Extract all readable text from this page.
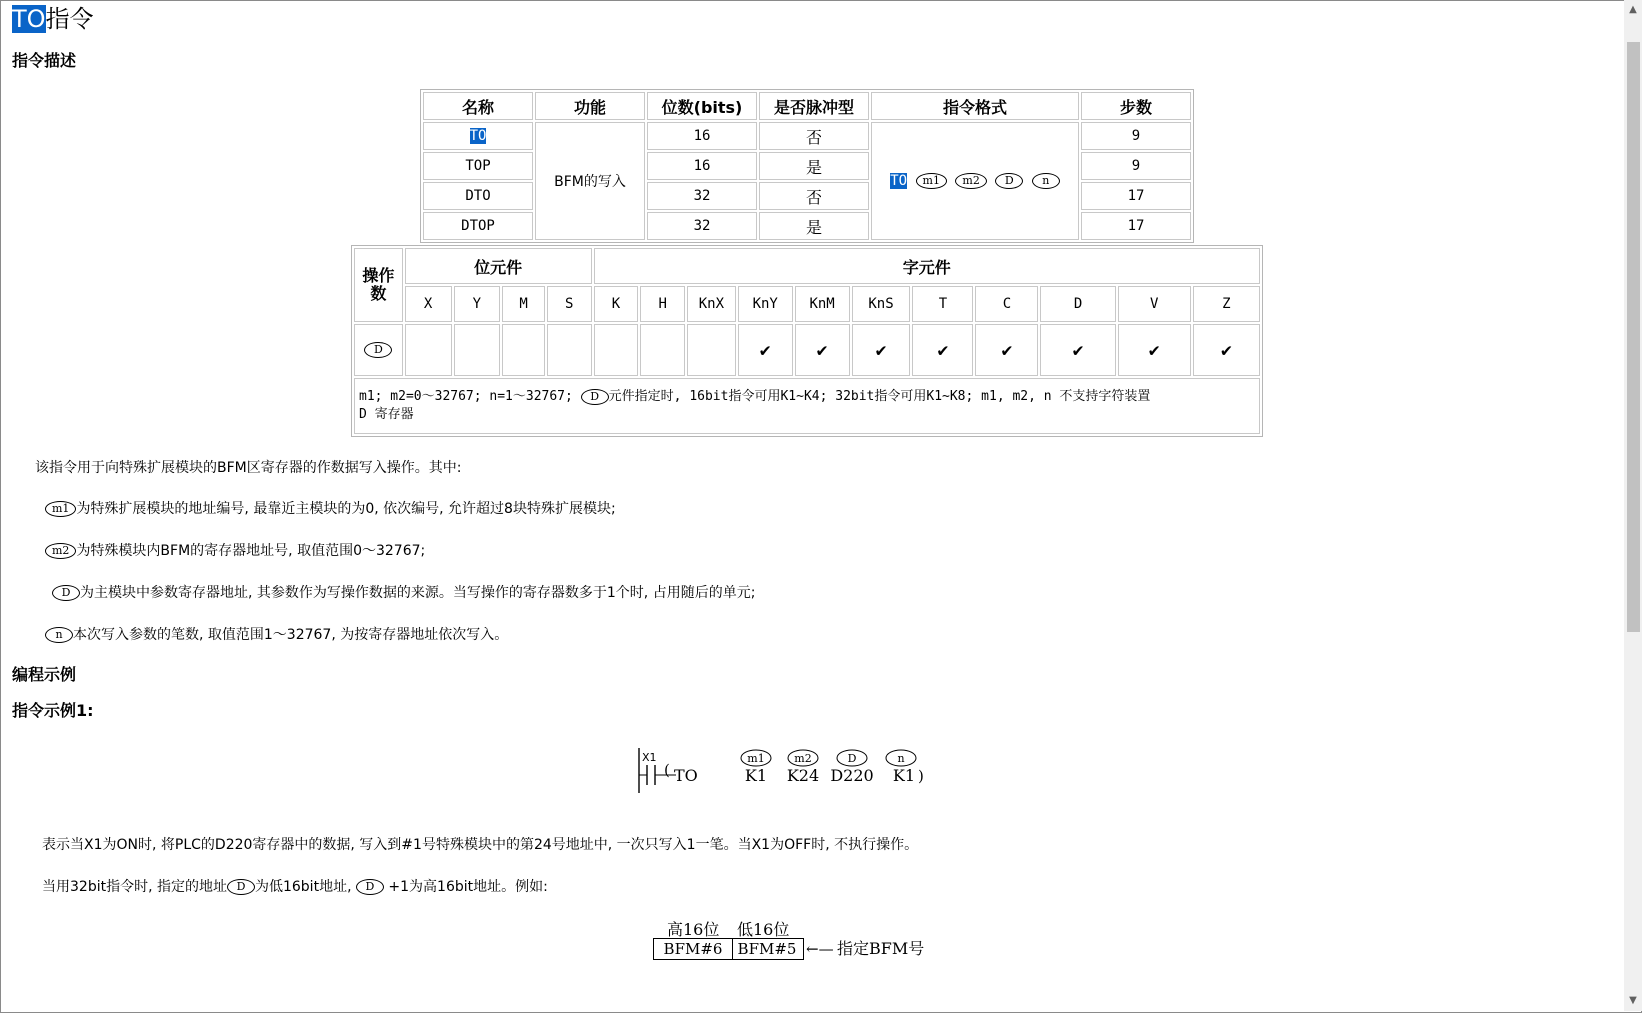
TO指令
指令描述
名称	功能	位数(bits)	是否脉冲型	指令格式	步数
TO	BFM的写入	16	否	TO m1 m2 D n	9
TOP		16	是		9
DTO		32	否		17
DTOP		32	是		17
操作数	位元件				字元件										
	X	Y	M	S	K	H	KnX	KnY	KnM	KnS	T	C	D	V	Z
D								✔	✔	✔	✔	✔	✔	✔	✔
m1; m2=0～32767; n=1～32767; D 元件指定时, 16bit指令可用K1~K4; 32bit指令可用K1~K8; m1, m2, n 不支持字符装置
D 寄存器															
该指令用于向特殊扩展模块的BFM区寄存器的作数据写入操作。其中:
m1 为特殊扩展模块的地址编号, 最靠近主模块的为0, 依次编号, 允许超过8块特殊扩展模块;
m2 为特殊模块内BFM的寄存器地址号, 取值范围0～32767;
D 为主模块中参数寄存器地址, 其参数作为写操作数据的来源。当写操作的寄存器数多于1个时, 占用随后的单元;
n 本次写入参数的笔数, 取值范围1～32767, 为按寄存器地址依次写入。
编程示例
指令示例1:
(
X1
TO
m1	m2	D	n
K1 K24 D220 K1 )
表示当X1为ON时, 将PLC的D220寄存器中的数据, 写入到#1号特殊模块中的第24号地址中, 一次只写入1一笔。当X1为OFF时, 不执行操作。
当用32bit指令时, 指定的地址 D 为低16bit地址, D +1为高16bit地址。例如:
高16位 低16位
BFM#6	BFM#5 ←— 指定BFM号
▲
▼
